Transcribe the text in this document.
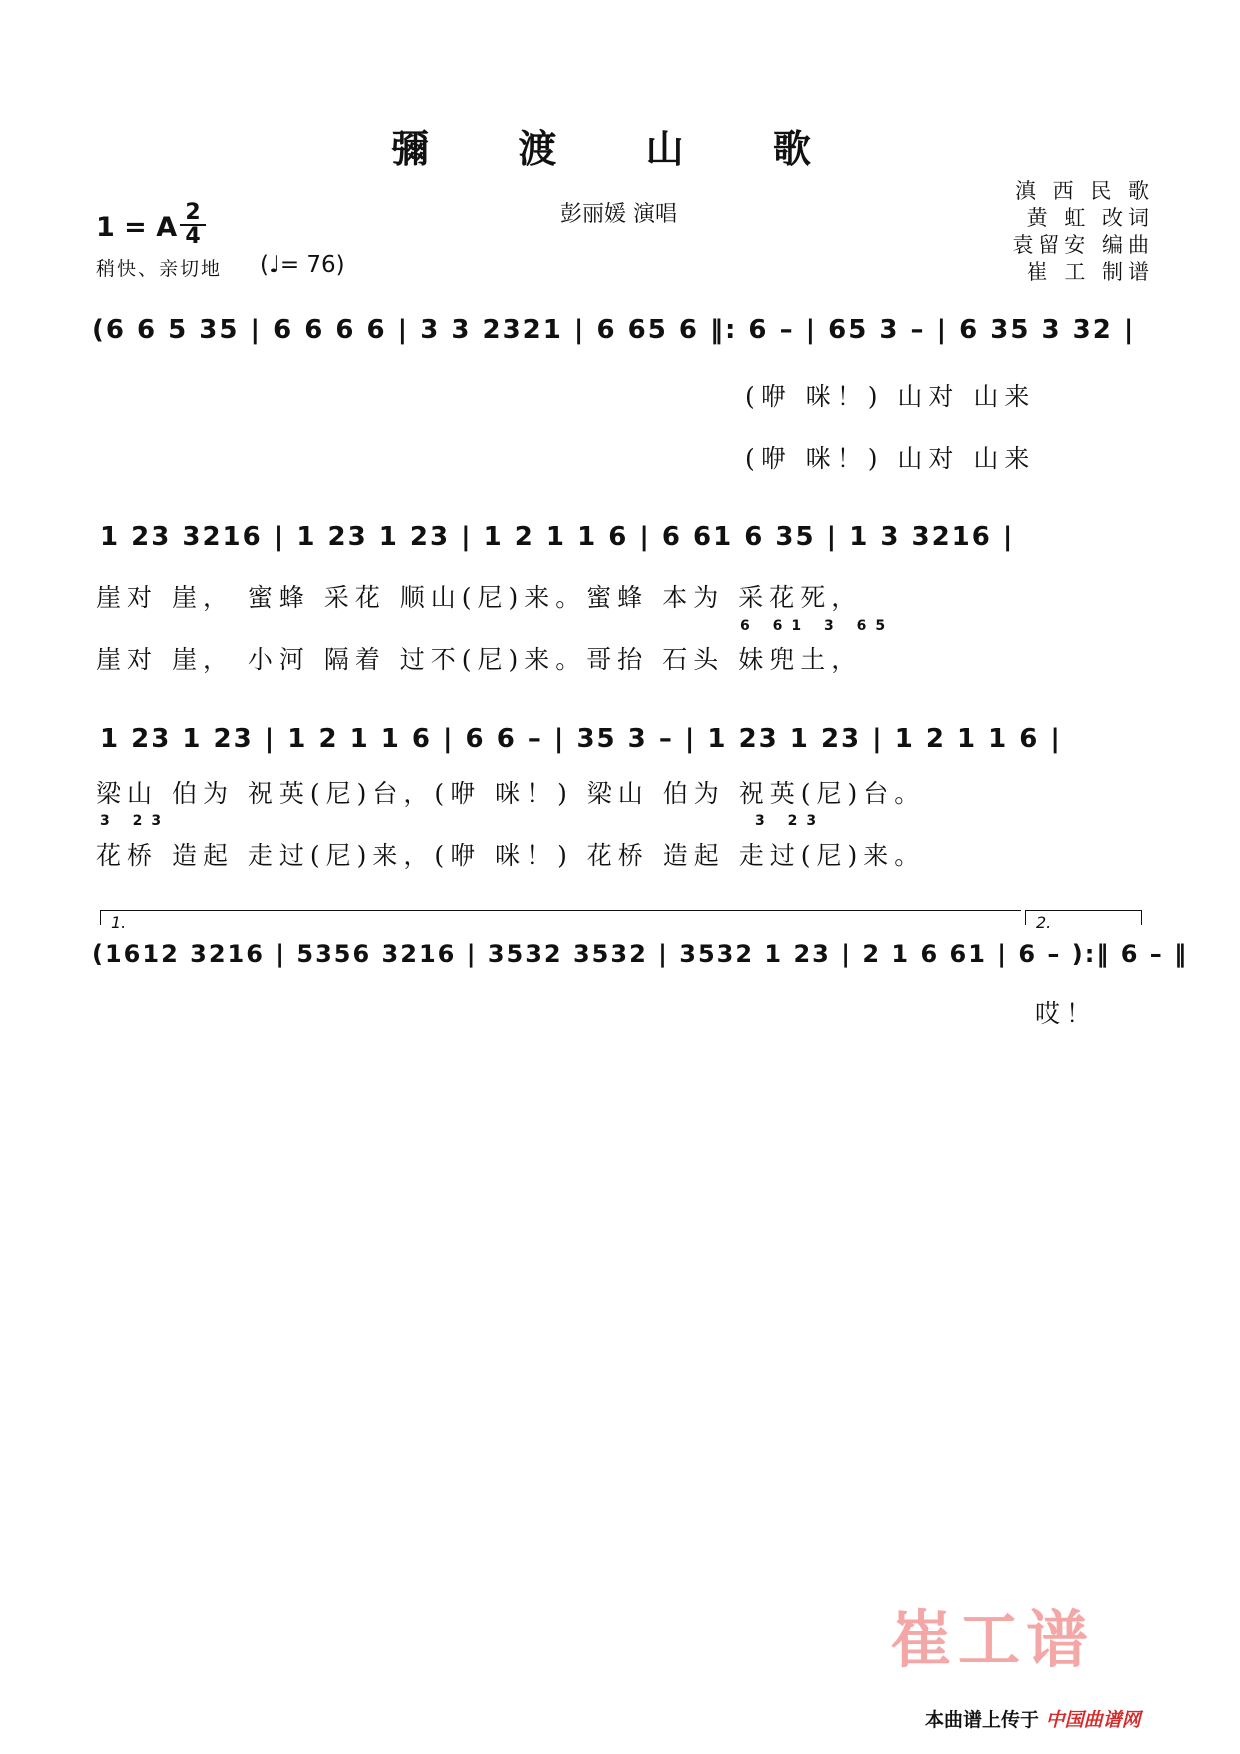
彌 渡 山 歌
彭丽媛 演唱
滇 西 民 歌
黄 虹 改词
袁留安 编曲
崔 工 制谱
1 = A 2
4
稍快、亲切地 (♩= 76)
(6 6 5 35 | 6 6 6 6 | 3 3 2321 | 6 65 6 ‖: 6 – | 65 3 – | 6 35 3 32 |
(咿 咪！) 山对 山来
(咿 咪！) 山对 山来
1 23 3216 | 1 23 1 23 | 1 2 1 1 6 | 6 61 6 35 | 1 3 3216 |
崖对 崖， 蜜蜂 采花 顺山(尼)来。蜜蜂 本为 采花死，
6 61 3 65
崖对 崖， 小河 隔着 过不(尼)来。哥抬 石头 妹兜土，
1 23 1 23 | 1 2 1 1 6 | 6 6 – | 35 3 – | 1 23 1 23 | 1 2 1 1 6 |
梁山 伯为 祝英(尼)台，(咿 咪！) 梁山 伯为 祝英(尼)台。
3 23	3 23
花桥 造起 走过(尼)来，(咿 咪！) 花桥 造起 走过(尼)来。
1.	2.
(1612 3216 | 5356 3216 | 3532 3532 | 3532 1 23 | 2 1 6 61 | 6 – ):‖ 6 – ‖
哎！
崔工谱
本曲谱上传于 中国曲谱网
